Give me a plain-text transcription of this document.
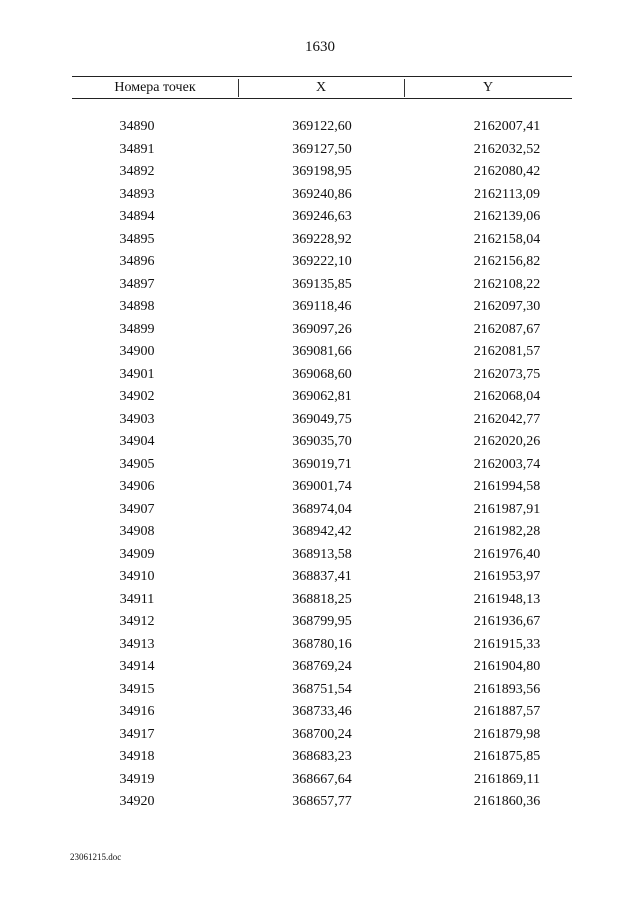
1630
Номера точек	X	Y
34890	369122,60	2162007,41
34891	369127,50	2162032,52
34892	369198,95	2162080,42
34893	369240,86	2162113,09
34894	369246,63	2162139,06
34895	369228,92	2162158,04
34896	369222,10	2162156,82
34897	369135,85	2162108,22
34898	369118,46	2162097,30
34899	369097,26	2162087,67
34900	369081,66	2162081,57
34901	369068,60	2162073,75
34902	369062,81	2162068,04
34903	369049,75	2162042,77
34904	369035,70	2162020,26
34905	369019,71	2162003,74
34906	369001,74	2161994,58
34907	368974,04	2161987,91
34908	368942,42	2161982,28
34909	368913,58	2161976,40
34910	368837,41	2161953,97
34911	368818,25	2161948,13
34912	368799,95	2161936,67
34913	368780,16	2161915,33
34914	368769,24	2161904,80
34915	368751,54	2161893,56
34916	368733,46	2161887,57
34917	368700,24	2161879,98
34918	368683,23	2161875,85
34919	368667,64	2161869,11
34920	368657,77	2161860,36
23061215.doc
